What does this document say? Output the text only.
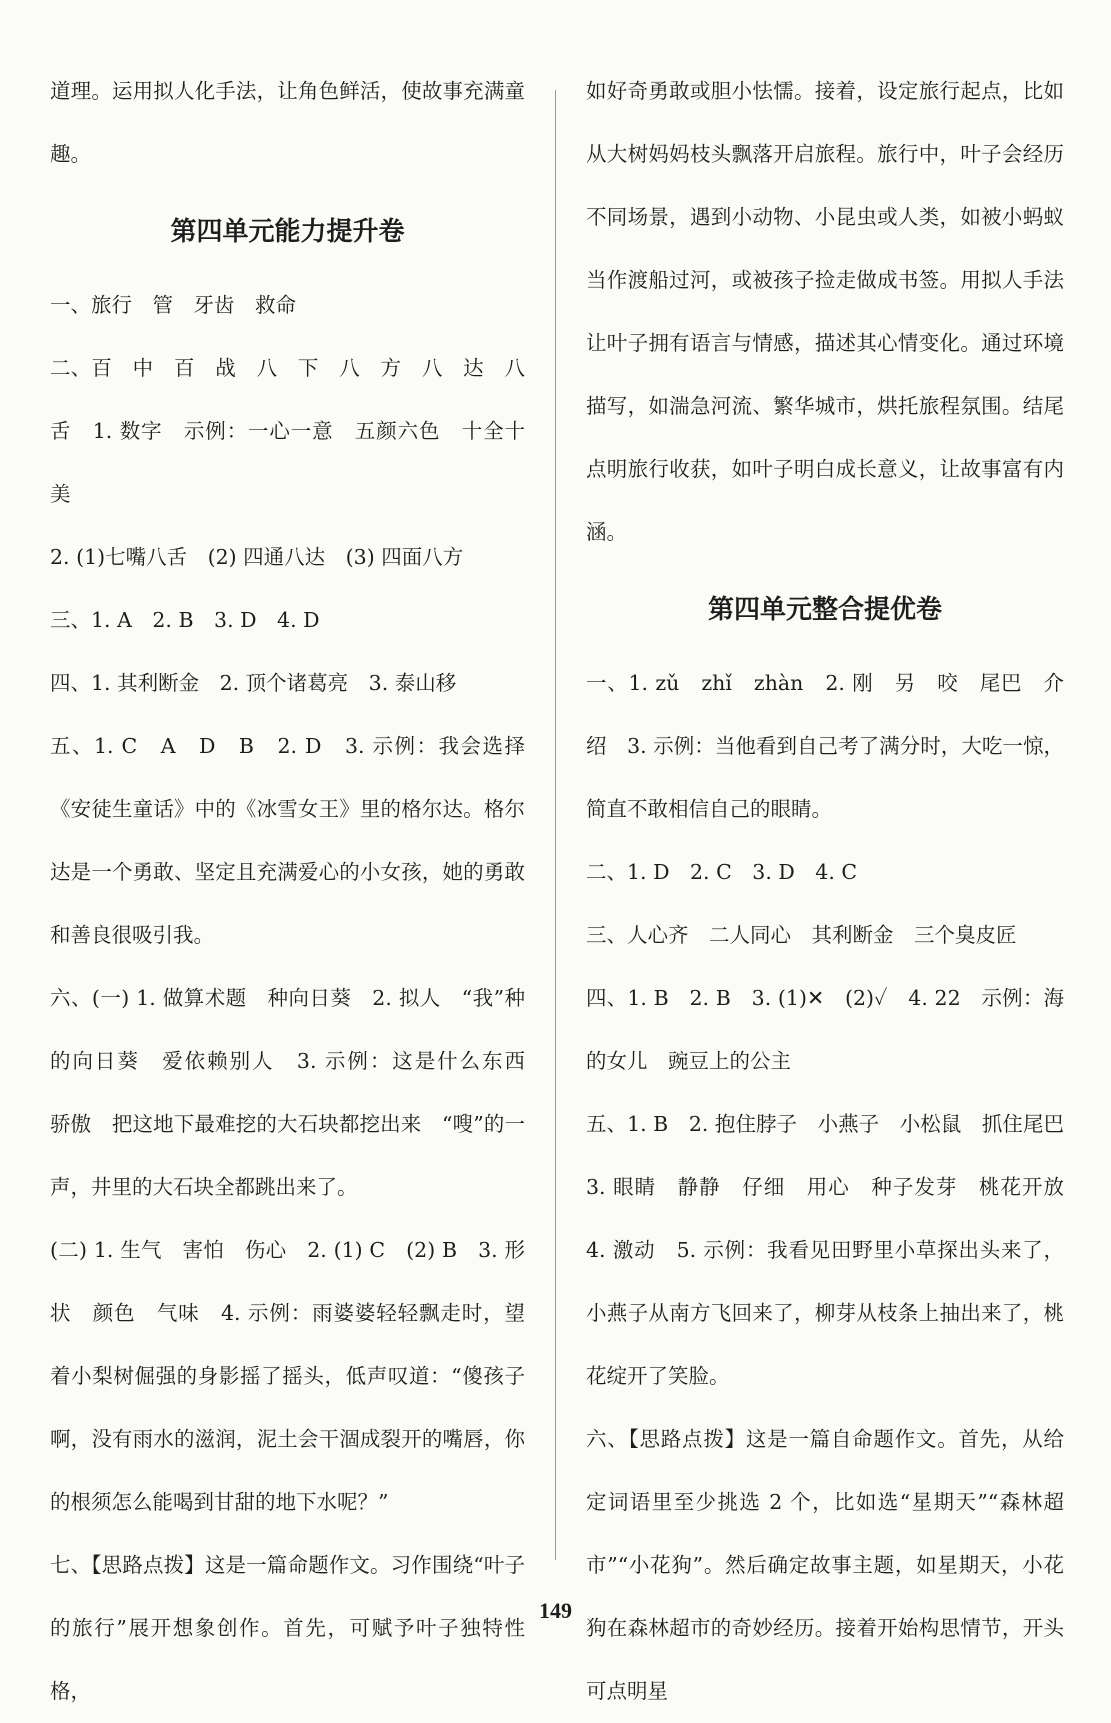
道理。运用拟人化手法，让角色鲜活，使故事充满童趣。

第四单元能力提升卷

一、旅行　管　牙齿　救命

二、百　中　百　战　八　下　八　方　八　达　八　舌　1. 数字　示例：一心一意　五颜六色　十全十美

2. (1)七嘴八舌　(2) 四通八达　(3) 四面八方

三、1. A　2. B　3. D　4. D

四、1. 其利断金　2. 顶个诸葛亮　3. 泰山移

五、1. C　A　D　B　2. D　3. 示例：我会选择《安徒生童话》中的《冰雪女王》里的格尔达。格尔达是一个勇敢、坚定且充满爱心的小女孩，她的勇敢和善良很吸引我。

六、(一) 1. 做算术题　种向日葵　2. 拟人　“我”种的向日葵　爱依赖别人　3. 示例：这是什么东西　骄傲　把这地下最难挖的大石块都挖出来　“嗖”的一声，井里的大石块全都跳出来了。

(二) 1. 生气　害怕　伤心　2. (1) C　(2) B　3. 形状　颜色　气味　4. 示例：雨婆婆轻轻飘走时，望着小梨树倔强的身影摇了摇头，低声叹道：“傻孩子啊，没有雨水的滋润，泥土会干涸成裂开的嘴唇，你的根须怎么能喝到甘甜的地下水呢？”

七、【思路点拨】这是一篇命题作文。习作围绕“叶子的旅行”展开想象创作。首先，可赋予叶子独特性格，

如好奇勇敢或胆小怯懦。接着，设定旅行起点，比如从大树妈妈枝头飘落开启旅程。旅行中，叶子会经历不同场景，遇到小动物、小昆虫或人类，如被小蚂蚁当作渡船过河，或被孩子捡走做成书签。用拟人手法让叶子拥有语言与情感，描述其心情变化。通过环境描写，如湍急河流、繁华城市，烘托旅程氛围。结尾点明旅行收获，如叶子明白成长意义，让故事富有内涵。

第四单元整合提优卷

一、1. zǔ　zhǐ　zhàn　2. 刚　另　咬　尾巴　介绍　3. 示例：当他看到自己考了满分时，大吃一惊，简直不敢相信自己的眼睛。

二、1. D　2. C　3. D　4. C

三、人心齐　二人同心　其利断金　三个臭皮匠

四、1. B　2. B　3. (1)✕　(2)✓　4. 22　示例：海的女儿　豌豆上的公主

五、1. B　2. 抱住脖子　小燕子　小松鼠　抓住尾巴　3. 眼睛　静静　仔细　用心　种子发芽　桃花开放　4. 激动　5. 示例：我看见田野里小草探出头来了，小燕子从南方飞回来了，柳芽从枝条上抽出来了，桃花绽开了笑脸。

六、【思路点拨】这是一篇自命题作文。首先，从给定词语里至少挑选 2 个，比如选“星期天”“森林超市”“小花狗”。然后确定故事主题，如星期天，小花狗在森林超市的奇妙经历。接着开始构思情节，开头可点明星

149
